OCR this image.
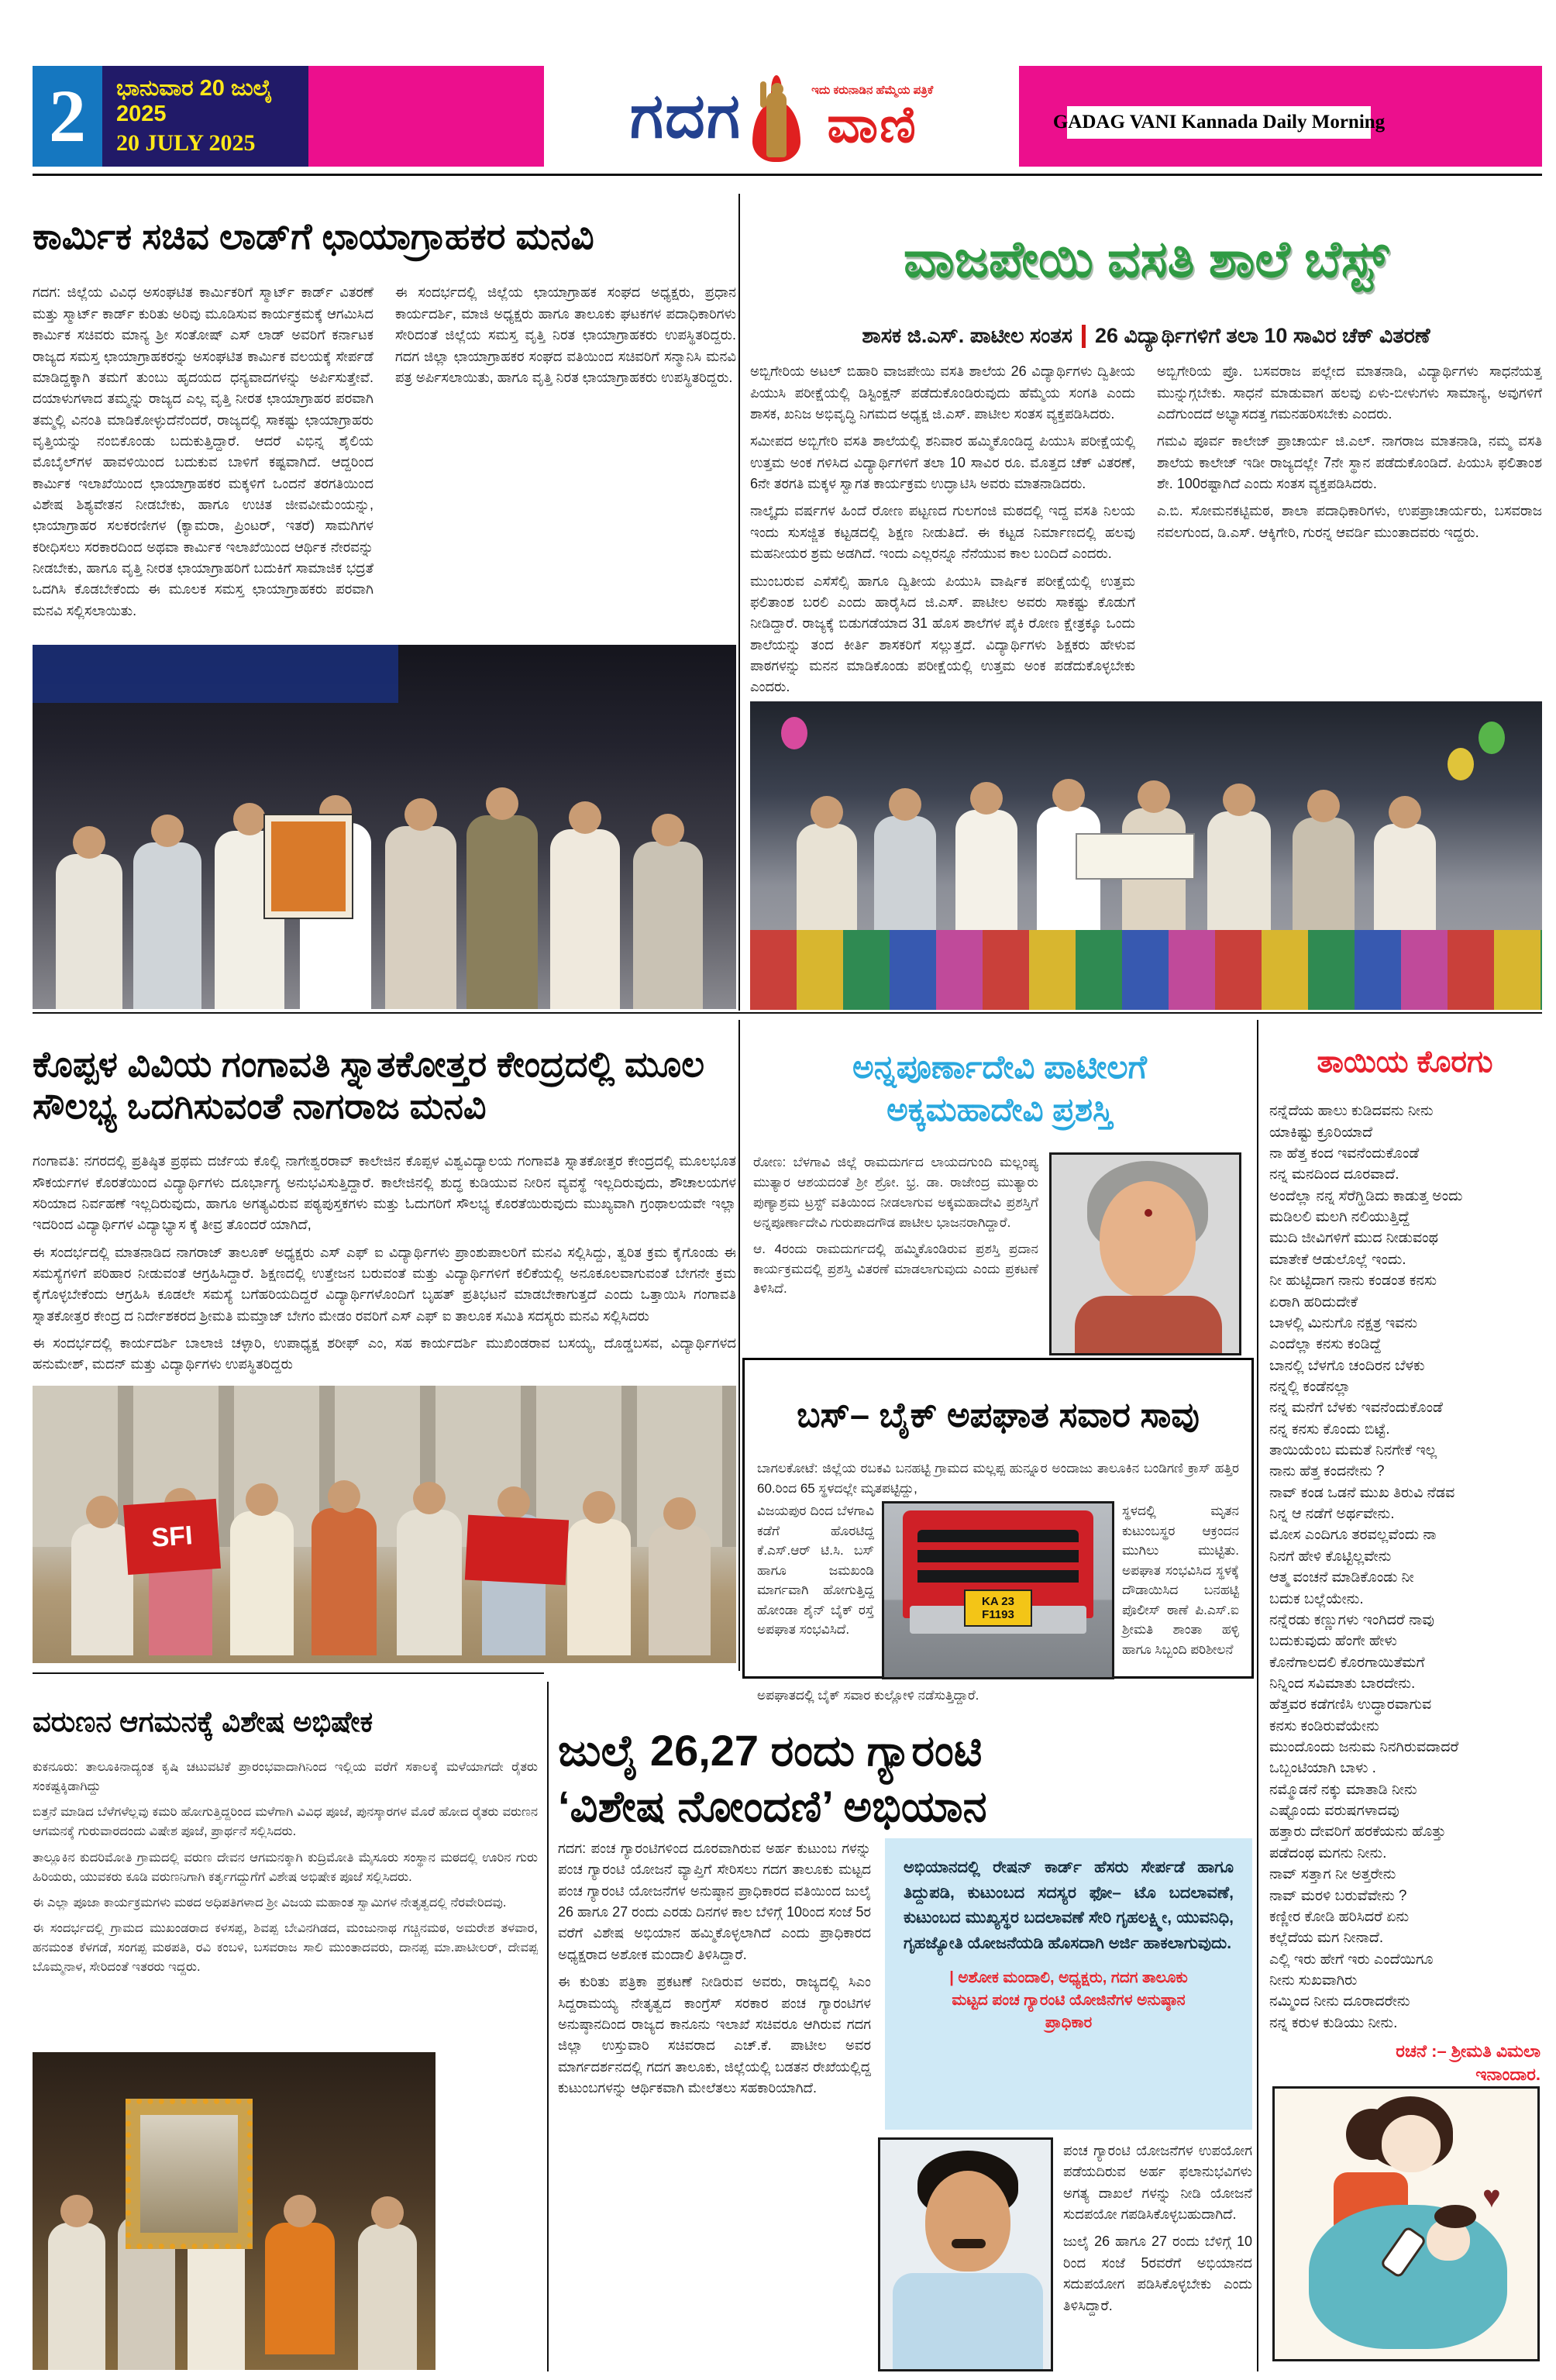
2	ಭಾನುವಾರ 20 ಜುಲೈ 2025
20 JULY 2025	ಗದಗ	ಇದು ಕರುನಾಡಿನ ಹೆಮ್ಮೆಯ ಪತ್ರಿಕೆ
ವಾಣಿ	GADAG VANI Kannada Daily Morning
ಕಾರ್ಮಿಕ ಸಚಿವ ಲಾಡ್‌ಗೆ ಛಾಯಾಗ್ರಾಹಕರ ಮನವಿ
ಗದಗ: ಜಿಲ್ಲೆಯ ವಿವಿಧ ಅಸಂಘಟಿತ ಕಾರ್ಮಿಕರಿಗೆ ಸ್ಮಾರ್ಟ್ ಕಾರ್ಡ್ ವಿತರಣೆ ಮತ್ತು ಸ್ಮಾರ್ಟ್ ಕಾರ್ಡ್ ಕುರಿತು ಅರಿವು ಮೂಡಿಸುವ ಕಾರ್ಯಕ್ರಮಕ್ಕೆ ಆಗಮಿಸಿದ ಕಾರ್ಮಿಕ ಸಚಿವರು ಮಾನ್ಯ ಶ್ರೀ ಸಂತೋಷ್ ಎಸ್ ಲಾಡ್ ಅವರಿಗೆ ಕರ್ನಾಟಕ ರಾಜ್ಯದ ಸಮಸ್ತ ಛಾಯಾಗ್ರಾಹಕರನ್ನು ಅಸಂಘಟಿತ ಕಾರ್ಮಿಕ ವಲಯಕ್ಕೆ ಸೇರ್ಪಡೆ ಮಾಡಿದ್ದಕ್ಕಾಗಿ ತಮಗೆ ತುಂಬು ಹೃದಯದ ಧನ್ಯವಾದಗಳನ್ನು ಅರ್ಪಿಸುತ್ತೇವೆ. ದಯಾಳುಗಳಾದ ತಮ್ಮನ್ನು ರಾಜ್ಯದ ಎಲ್ಲ ವೃತ್ತಿ ನೀರತ ಛಾಯಾಗ್ರಾಹರ ಪರವಾಗಿ ತಮ್ಮಲ್ಲಿ ವಿನಂತಿ ಮಾಡಿಕೋಳ್ಳುದೆನೆಂದರೆ, ರಾಜ್ಯದಲ್ಲಿ ಸಾಕಷ್ಟು ಛಾಯಾಗ್ರಾಹರು ವೃತ್ತಿಯನ್ನು ನಂಬಿಕೊಂಡು ಬದುಕುತ್ತಿದ್ದಾರೆ. ಆದರೆ ವಿಭಿನ್ನ ಶೈಲಿಯ ಮೊಬೈಲ್‌ಗಳ ಹಾವಳಿಯಿಂದ ಬದುಕುವ ಬಾಳಿಗೆ ಕಷ್ಟವಾಗಿದೆ. ಆದ್ದರಿಂದ ಕಾರ್ಮಿಕ ಇಲಾಖೆಯಿಂದ ಛಾಯಾಗ್ರಾಹಕರ ಮಕ್ಕಳಿಗೆ ಒಂದನೆ ತರಗತಿಯಿಂದ ವಿಶೇಷ ಶಿಶ್ಯವೇತನ ನೀಡಬೇಕು, ಹಾಗೂ ಉಚಿತ ಜೀವವೀಮೆಂಯನ್ನು, ಛಾಯಾಗ್ರಾಹರ ಸಲಕರಣೀಗಳ (ಕ್ಯಾಮರಾ, ಪ್ರಿಂಟರ್, ಇತರೆ) ಸಾಮಗಿಗಳ ಕರೀಧಿಸಲು ಸರಕಾರದಿಂದ ಅಥವಾ ಕಾರ್ಮಿಕ ಇಲಾಖೆಯಿಂದ ಆರ್ಥಿಕ ನೇರವನ್ನು ನೀಡಬೇಕು, ಹಾಗೂ ವೃತ್ತಿ ನೀರತ ಛಾಯಾಗ್ರಾಹರಿಗೆ ಬದುಕಿಗೆ ಸಾಮಾಜಿಕ ಭದ್ರತೆ ಒದಗಿಸಿ ಕೊಡಬೇಕೆಂದು ಈ ಮೂಲಕ ಸಮಸ್ತ ಛಾಯಾಗ್ರಾಹಕರು ಪರವಾಗಿ ಮನವಿ ಸಲ್ಲಿಸಲಾಯಿತು.
ಈ ಸಂದರ್ಭದಲ್ಲಿ ಜಿಲ್ಲೆಯ ಛಾಯಾಗ್ರಾಹಕ ಸಂಘದ ಅಧ್ಯಕ್ಷರು, ಪ್ರಧಾನ ಕಾರ್ಯದರ್ಶಿ, ಮಾಜಿ ಅಧ್ಯಕ್ಷರು ಹಾಗೂ ತಾಲೂಕು ಘಟಕಗಳ ಪದಾಧಿಕಾರಿಗಳು ಸೇರಿದಂತೆ ಜಿಲ್ಲೆಯ ಸಮಸ್ತ ವೃತ್ತಿ ನಿರತ ಛಾಯಾಗ್ರಾಹಕರು ಉಪಸ್ಥಿತರಿದ್ದರು. ಗದಗ ಜಿಲ್ಲಾ ಛಾಯಾಗ್ರಾಹಕರ ಸಂಘದ ವತಿಯಿಂದ ಸಚಿವರಿಗೆ ಸನ್ಮಾನಿಸಿ ಮನವಿ ಪತ್ರ ಅರ್ಪಿಸಲಾಯಿತು, ಹಾಗೂ ವೃತ್ತಿ ನಿರತ ಛಾಯಾಗ್ರಾಹಕರು ಉಪಸ್ಥಿತರಿದ್ದರು.
ವಾಜಪೇಯಿ ವಸತಿ ಶಾಲೆ ಬೆಸ್ಟ್
ಶಾಸಕ ಜಿ.ಎಸ್. ಪಾಟೀಲ ಸಂತಸ 26 ವಿದ್ಯಾರ್ಥಿಗಳಿಗೆ ತಲಾ 10 ಸಾವಿರ ಚೆಕ್ ವಿತರಣೆ
ಅಬ್ಬಿಗೇರಿಯ ಅಟಲ್ ಬಿಹಾರಿ ವಾಜಪೇಯಿ ವಸತಿ ಶಾಲೆಯ 26 ವಿದ್ಯಾರ್ಥಿಗಳು ದ್ವಿತೀಯ ಪಿಯುಸಿ ಪರೀಕ್ಷೆಯಲ್ಲಿ ಡಿಸ್ಟಿಂಕ್ಷನ್ ಪಡೆದುಕೊಂಡಿರುವುದು ಹೆಮ್ಮೆಯ ಸಂಗತಿ ಎಂದು ಶಾಸಕ, ಖನಿಜ ಅಭಿವೃದ್ಧಿ ನಿಗಮದ ಅಧ್ಯಕ್ಷ ಜಿ.ಎಸ್. ಪಾಟೀಲ ಸಂತಸ ವ್ಯಕ್ತಪಡಿಸಿದರು.
ಸಮೀಪದ ಅಬ್ಬಿಗೇರಿ ವಸತಿ ಶಾಲೆಯಲ್ಲಿ ಶನಿವಾರ ಹಮ್ಮಿಕೊಂಡಿದ್ದ ಪಿಯುಸಿ ಪರೀಕ್ಷೆಯಲ್ಲಿ ಉತ್ತಮ ಅಂಕ ಗಳಿಸಿದ ವಿದ್ಯಾರ್ಥಿಗಳಿಗೆ ತಲಾ 10 ಸಾವಿರ ರೂ. ಮೊತ್ತದ ಚೆಕ್ ವಿತರಣೆ, 6ನೇ ತರಗತಿ ಮಕ್ಕಳ ಸ್ವಾಗತ ಕಾರ್ಯಕ್ರಮ ಉದ್ಘಾಟಿಸಿ ಅವರು ಮಾತನಾಡಿದರು.
ನಾಲ್ಕೈದು ವರ್ಷಗಳ ಹಿಂದೆ ರೋಣ ಪಟ್ಟಣದ ಗುಲಗಂಜಿ ಮಠದಲ್ಲಿ ಇದ್ದ ವಸತಿ ನಿಲಯ ಇಂದು ಸುಸಜ್ಜಿತ ಕಟ್ಟಡದಲ್ಲಿ ಶಿಕ್ಷಣ ನೀಡುತಿದೆ. ಈ ಕಟ್ಟಡ ನಿರ್ಮಾಣದಲ್ಲಿ ಹಲವು ಮಹನೀಯರ ಶ್ರಮ ಅಡಗಿದೆ. ಇಂದು ಎಲ್ಲರನ್ನೂ ನೆನೆಯುವ ಕಾಲ ಬಂದಿದೆ ಎಂದರು.
ಮುಂಬರುವ ಎಸೆಸೆಲ್ಸಿ ಹಾಗೂ ದ್ವಿತೀಯ ಪಿಯುಸಿ ವಾರ್ಷಿಕ ಪರೀಕ್ಷೆಯಲ್ಲಿ ಉತ್ತಮ ಫಲಿತಾಂಶ ಬರಲಿ ಎಂದು ಹಾರೈಸಿದ ಜಿ.ಎಸ್. ಪಾಟೀಲ ಅವರು ಸಾಕಷ್ಟು ಕೊಡುಗೆ ನೀಡಿದ್ದಾರೆ. ರಾಜ್ಯಕ್ಕೆ ಬಿಡುಗಡೆಯಾದ 31 ಹೊಸ ಶಾಲೆಗಳ ಪೈಕಿ ರೋಣ ಕ್ಷೇತ್ರಕ್ಕೂ ಒಂದು ಶಾಲೆಯನ್ನು ತಂದ ಕೀರ್ತಿ ಶಾಸಕರಿಗೆ ಸಲ್ಲುತ್ತದೆ. ವಿದ್ಯಾರ್ಥಿಗಳು ಶಿಕ್ಷಕರು ಹೇಳುವ ಪಾಠಗಳನ್ನು ಮನನ ಮಾಡಿಕೊಂಡು ಪರೀಕ್ಷೆಯಲ್ಲಿ ಉತ್ತಮ ಅಂಕ ಪಡೆದುಕೊಳ್ಳಬೇಕು ಎಂದರು.
ಅಬ್ಬಿಗೇರಿಯ ಪ್ರೊ. ಬಸವರಾಜ ಪಲ್ಲೇದ ಮಾತನಾಡಿ, ವಿದ್ಯಾರ್ಥಿಗಳು ಸಾಧನೆಯತ್ತ ಮುನ್ನುಗ್ಗಬೇಕು. ಸಾಧನೆ ಮಾಡುವಾಗ ಹಲವು ಏಳು-ಬೀಳುಗಳು ಸಾಮಾನ್ಯ, ಅವುಗಳಿಗೆ ಎದೆಗುಂದದೆ ಅಭ್ಯಾಸದತ್ತ ಗಮನಹರಿಸಬೇಕು ಎಂದರು.
ಗಮವಿ ಪೂರ್ವ ಕಾಲೇಜ್ ಪ್ರಾಚಾರ್ಯ ಜಿ.ಎಲ್. ನಾಗರಾಜ ಮಾತನಾಡಿ, ನಮ್ಮ ವಸತಿ ಶಾಲೆಯ ಕಾಲೇಜ್ ಇಡೀ ರಾಜ್ಯದಲ್ಲೇ 7ನೇ ಸ್ಥಾನ ಪಡೆದುಕೊಂಡಿದೆ. ಪಿಯುಸಿ ಫಲಿತಾಂಶ ಶೇ. 100ರಷ್ಟಾಗಿದೆ ಎಂದು ಸಂತಸ ವ್ಯಕ್ತಪಡಿಸಿದರು.
ಎ.ಬಿ. ಸೋಮನಕಟ್ಟಿಮಠ, ಶಾಲಾ ಪದಾಧಿಕಾರಿಗಳು, ಉಪಪ್ರಾಚಾರ್ಯರು, ಬಸವರಾಜ ನವಲಗುಂದ, ಡಿ.ಎಸ್. ಆಕ್ಕಿಗೇರಿ, ಗುರನ್ನ ಆವರ್ಡಿ ಮುಂತಾದವರು ಇದ್ದರು.
ಕೊಪ್ಪಳ ವಿವಿಯ ಗಂಗಾವತಿ ಸ್ನಾತಕೋತ್ತರ ಕೇಂದ್ರದಲ್ಲಿ ಮೂಲ ಸೌಲಭ್ಯ ಒದಗಿಸುವಂತೆ ನಾಗರಾಜ ಮನವಿ
ಗಂಗಾವತಿ: ನಗರದಲ್ಲಿ ಪ್ರತಿಷ್ಠಿತ ಪ್ರಥಮ ದರ್ಜೆಯ ಕೊಲ್ಲಿ ನಾಗೇಶ್ವರರಾವ್ ಕಾಲೇಜಿನ ಕೊಪ್ಪಳ ವಿಶ್ವವಿದ್ಯಾಲಯ ಗಂಗಾವತಿ ಸ್ನಾತಕೋತ್ತರ ಕೇಂದ್ರದಲ್ಲಿ ಮೂಲಭೂತ ಸೌಕರ್ಯಗಳ ಕೊರತೆಯಿಂದ ವಿದ್ಯಾರ್ಥಿಗಳು ದೂರ್ಭಾಗ್ಯ ಅನುಭವಿಸುತ್ತಿದ್ದಾರೆ. ಕಾಲೇಜಿನಲ್ಲಿ ಶುದ್ಧ ಕುಡಿಯುವ ನೀರಿನ ವ್ಯವಸ್ಥೆ ಇಲ್ಲದಿರುವುದು, ಶೌಚಾಲಯಗಳ ಸರಿಯಾದ ನಿರ್ವಹಣೆ ಇಲ್ಲದಿರುವುದು, ಹಾಗೂ ಅಗತ್ಯವಿರುವ ಪಠ್ಯಪುಸ್ತಕಗಳು ಮತ್ತು ಓದುಗರಿಗೆ ಸೌಲಭ್ಯ ಕೊರತೆಯಿರುವುದು ಮುಖ್ಯವಾಗಿ ಗ್ರಂಥಾಲಯವೇ ಇಲ್ಲಾ ಇದರಿಂದ ವಿದ್ಯಾರ್ಥಿಗಳ ವಿದ್ಯಾಭ್ಯಾಸ ಕ್ಕೆ ತೀವ್ರ ತೊಂದರೆ ಯಾಗಿದೆ,
ಈ ಸಂದರ್ಭದಲ್ಲಿ ಮಾತನಾಡಿದ ನಾಗರಾಜ್ ತಾಲೂಕ್ ಅಧ್ಯಕ್ಷರು ಎಸ್ ಎಫ್ ಐ ವಿದ್ಯಾರ್ಥಿಗಳು ಪ್ರಾಂಶುಪಾಲರಿಗೆ ಮನವಿ ಸಲ್ಲಿಸಿದ್ದು, ತ್ವರಿತ ಕ್ರಮ ಕೈಗೊಂಡು ಈ ಸಮಸ್ಯೆಗಳಿಗೆ ಪರಿಹಾರ ನೀಡುವಂತೆ ಆಗ್ರಹಿಸಿದ್ದಾರೆ. ಶಿಕ್ಷಣದಲ್ಲಿ ಉತ್ತೇಜನ ಬರುವಂತೆ ಮತ್ತು ವಿದ್ಯಾರ್ಥಿಗಳಿಗೆ ಕಲಿಕೆಯಲ್ಲಿ ಅನೂಕೂಲವಾಗುವಂತೆ ಬೇಗನೇ ಕ್ರಮ ಕೈಗೊಳ್ಳಬೇಕೆಂದು ಆಗ್ರಹಿಸಿ ಕೂಡಲೇ ಸಮಸ್ಯೆ ಬಗೆಹರಿಯದಿದ್ದರೆ ವಿದ್ಯಾರ್ಥಿಗಳೊಂದಿಗೆ ಬೃಹತ್ ಪ್ರತಿಭಟನೆ ಮಾಡಬೇಕಾಗುತ್ತದೆ ಎಂದು ಒತ್ತಾಯಿಸಿ ಗಂಗಾವತಿ ಸ್ನಾತಕೋತ್ತರ ಕೇಂದ್ರ ದ ನಿರ್ದೇಶಕರದ ಶ್ರೀಮತಿ ಮಮ್ತಾಜ್ ಬೇಗಂ ಮೇಡಂ ರವರಿಗೆ ಎಸ್ ಎಫ್ ಐ ತಾಲೂಕ ಸಮಿತಿ ಸದಸ್ಯರು ಮನವಿ ಸಲ್ಲಿಸಿದರು
ಈ ಸಂದರ್ಭದಲ್ಲಿ ಕಾರ್ಯದರ್ಶಿ ಬಾಲಾಜಿ ಚಳ್ಳಾರಿ, ಉಪಾಧ್ಯಕ್ಷ ಶರೀಫ್ ಎಂ, ಸಹ ಕಾರ್ಯದರ್ಶಿ ಮುಖಿಂಡರಾವ ಬಸಯ್ಯ, ದೊಡ್ಡಬಸವ, ವಿದ್ಯಾರ್ಥಿಗಳದ ಹನುಮೇಶ್, ಮದನ್ ಮತ್ತು ವಿದ್ಯಾರ್ಥಿಗಳು ಉಪಸ್ಥಿತರಿದ್ದರು
SFI
ಅನ್ನಪೂರ್ಣಾದೇವಿ ಪಾಟೀಲಗೆ
ಅಕ್ಕಮಹಾದೇವಿ ಪ್ರಶಸ್ತಿ
ರೋಣ: ಬೆಳಗಾವಿ ಜಿಲ್ಲೆ ರಾಮದುರ್ಗದ ಲಾಯದಗುಂದಿ ಮಲ್ಲಂಪ್ಯ ಮುತ್ಯಾರ ಆಶಯದಂತೆ ಶ್ರೀ ಶ್ರೋ. ಭ್ರ. ಡಾ. ರಾಜೇಂದ್ರ ಮುತ್ಯಾರು ಪುಣ್ಯಾಶ್ರಮ ಟ್ರಸ್ಟ್ ವತಿಯಿಂದ ನೀಡಲಾಗುವ ಅಕ್ಕಮಹಾದೇವಿ ಪ್ರಶಸ್ತಿಗೆ ಅನ್ನಪೂರ್ಣಾದೇವಿ ಗುರುಪಾದಗೌಡ ಪಾಟೀಲ ಭಾಜನರಾಗಿದ್ದಾರೆ.
ಆ. 4ರಂದು ರಾಮದುರ್ಗದಲ್ಲಿ ಹಮ್ಮಿಕೊಂಡಿರುವ ಪ್ರಶಸ್ತಿ ಪ್ರದಾನ ಕಾರ್ಯಕ್ರಮದಲ್ಲಿ ಪ್ರಶಸ್ತಿ ವಿತರಣೆ ಮಾಡಲಾಗುವುದು ಎಂದು ಪ್ರಕಟಣೆ ತಿಳಿಸಿದೆ.
ಬಸ್‌– ಬೈಕ್ ಅಪಘಾತ ಸವಾರ ಸಾವು
ಬಾಗಲಕೋಟೆ: ಜಿಲ್ಲೆಯ ರಬಕವಿ ಬನಹಟ್ಟಿ ಗ್ರಾಮದ ಮಲ್ಲಪ್ಪ ಹುನ್ನೂರ ಅಂದಾಜು ತಾಲೂಕಿನ ಬಂಡಿಗಣಿ ಕ್ರಾಸ್ ಹತ್ತಿರ 60.ರಿಂದ 65 ಸ್ಥಳದಲ್ಲೇ ಮೃತಪಟ್ಟಿದ್ದು,
ವಿಜಯಪುರ ದಿಂದ ಬೆಳಗಾವಿ ಕಡೆಗೆ ಹೊರಟಿದ್ದ ಕೆ.ಎಸ್.ಆರ್ ಟಿ.ಸಿ. ಬಸ್ ಹಾಗೂ ಜಮಖಂಡಿ ಮಾರ್ಗವಾಗಿ ಹೋಗುತ್ತಿದ್ದ ಹೋಂಡಾ ಶೈನ್ ಬೈಕ್ ರಸ್ತೆ ಅಪಘಾತ ಸಂಭವಿಸಿದೆ.
KA 23
F1193
ಸ್ಥಳದಲ್ಲಿ ಮೃತನ ಕುಟುಂಬಸ್ಥರ ಆಕ್ರಂದನ ಮುಗಿಲು ಮುಟ್ಟಿತು. ಅಪಘಾತ ಸಂಭವಿಸಿದ ಸ್ಥಳಕ್ಕೆ ದೌಡಾಯಿಸಿದ ಬನಹಟ್ಟಿ ಪೊಲೀಸ್ ಠಾಣೆ ಪಿ.ಎಸ್.ಐ ಶ್ರೀಮತಿ ಶಾಂತಾ ಹಳ್ಳಿ ಹಾಗೂ ಸಿಬ್ಬಂದಿ ಪರಿಶೀಲನೆ
ಅಪಘಾತದಲ್ಲಿ ಬೈಕ್ ಸವಾರ ಕುಲ್ಲೋಳಿ ನಡೆಸುತ್ತಿದ್ದಾರೆ.
ತಾಯಿಯ ಕೊರಗು
ನನ್ನೆದೆಯ ಹಾಲು ಕುಡಿದವನು ನೀನು
ಯಾಕಿಷ್ಟು ಕ್ರೂರಿಯಾದೆ
ನಾ ಹೆತ್ತ ಕಂದ ಇವನೆಂದುಕೊಂಡೆ
ನನ್ನ ಮನದಿಂದ ದೂರವಾದೆ.
ಅಂದೆಲ್ಲಾ ನನ್ನ ಸೆರೆಗ್ಹಿಡಿದು ಕಾಡುತ್ತ ಅಂದು
ಮಡಿಲಲಿ ಮಲಗಿ ನಲಿಯುತ್ತಿದ್ದೆ
ಮುದಿ ಜೀವಿಗಳಿಗೆ ಮುದ ನೀಡುವಂಥ
ಮಾತೇಕೆ ಆಡುಲೊಲ್ಲೆ ಇಂದು.
ನೀ ಹುಟ್ಟಿದಾಗ ನಾನು ಕಂಡಂತ ಕನಸು
ಏರಾಗಿ ಹರಿದುದೇಕೆ
ಬಾಳಲ್ಲಿ ಮಿನುಗೊ ನಕ್ಷತ್ರ ಇವನು
ಎಂದೆಲ್ಲಾ ಕನಸು ಕಂಡಿದ್ದೆ
ಬಾನಲ್ಲಿ ಬೆಳಗೊ ಚಂದಿರನ ಬೆಳಕು
ನನ್ನಲ್ಲಿ ಕಂಡೆನಲ್ಲಾ
ನನ್ನ ಮನೆಗೆ ಬೆಳಕು ಇವನೆಂದುಕೊಂಡೆ
ನನ್ನ ಕನಸು ಕೊಂದು ಬಿಟ್ಟೆ.
ತಾಯಿಯೆಂಬ ಮಮತೆ ನಿನಗೇಕೆ ಇಲ್ಲ
ನಾನು ಹೆತ್ತ ಕಂದನೇನು ?
ನಾವ್ ಕಂಡ ಒಡನೆ ಮುಖ ತಿರುವಿ ನೆಡವ
ನಿನ್ನ ಆ ನಡೆಗೆ ಅರ್ಥವೇನು.
ಮೋಸ ಎಂದಿಗೂ ತರವಲ್ಲವೆಂದು ನಾ
ನಿನಗೆ ಹೇಳಿ ಕೊಟ್ಟಿಲ್ಲವೇನು
ಆತ್ಮ ವಂಚನೆ ಮಾಡಿಕೊಂಡು ನೀ
ಬದುಕ ಬಲ್ಲೆಯೇನು.
ನನ್ನೆರಡು ಕಣ್ಣುಗಳು ಇಂಗಿದರೆ ನಾವು
ಬದುಕುವುದು ಹೆಂಗೇ ಹೇಳು
ಕೊನೆಗಾಲದಲಿ ಕೊರಗಾಯಿತೆಮಗೆ
ನಿನ್ನಿಂದ ಸವಿಮಾತು ಬಾರದೇನು.
ಹೆತ್ತವರ ಕಡೆಗಣಿಸಿ ಉದ್ಧಾರವಾಗುವ
ಕನಸು ಕಂಡಿರುವೆಯೇನು
ಮುಂದೊಂದು ಜನುಮ ನಿನಗಿರುವದಾದರೆ
ಒಬ್ಬಂಟಿಯಾಗಿ ಬಾಳು .
ನಮ್ಮೊಡನೆ ನಕ್ಕು ಮಾತಾಡಿ ನೀನು
ಎಷ್ಟೊಂದು ವರುಷಗಳಾದವು
ಹತ್ತಾರು ದೇವರಿಗೆ ಹರಕೆಯನು ಹೊತ್ತು
ಪಡೆದಂಥ ಮಗನು ನೀನು.
ನಾವ್ ಸತ್ತಾಗ ನೀ ಅತ್ತರೇನು
ನಾವ್ ಮರಳಿ ಬರುವೆವೇನು ?
ಕಣ್ಣೀರ ಕೋಡಿ ಹರಿಸಿದರೆ ಏನು
ಕಲ್ಲೆದೆಯ ಮಗ ನೀನಾದೆ.
ಎಲ್ಲಿ ಇರು ಹೇಗೆ ಇರು ಎಂದೆಯಿಗೂ
ನೀನು ಸುಖವಾಗಿರು
ನಮ್ಮಿಂದ ನೀನು ದೂರಾದರೇನು
ನನ್ನ ಕರುಳ ಕುಡಿಯು ನೀನು.
ರಚನೆ :– ಶ್ರೀಮತಿ ವಿಮಲಾ
ಇನಾಂದಾರ.
♥
ವರುಣನ ಆಗಮನಕ್ಕೆ ವಿಶೇಷ ಅಭಿಷೇಕ
ಕುಕನೂರು: ತಾಲೂಕಿನಾದ್ಯಂತ ಕೃಷಿ ಚಟುವಟಿಕೆ ಪ್ರಾರಂಭವಾದಾಗಿನಿಂದ ಇಲ್ಲಿಯ ವರೆಗೆ ಸಕಾಲಕ್ಕೆ ಮಳೆಯಾಗದೇ ರೈತರು ಸಂಕಷ್ಟಕ್ಕಿಡಾಗಿದ್ದು
ಬಿತ್ತನೆ ಮಾಡಿದ ಬೆಳೆಗಳೆಲ್ಲವು ಕಮರಿ ಹೋಗುತ್ತಿದ್ದರಿಂದ ಮಳೆಗಾಗಿ ವಿವಿಧ ಪೂಜೆ, ಪುನಸ್ಕಾರಗಳ ಮೊರೆ ಹೋದ ರೈತರು ವರುಣನ ಆಗಮನಕ್ಕೆ ಗುರುವಾರದಂದು ವಿಷೇಶ ಪೂಜೆ, ಪ್ರಾರ್ಥನೆ ಸಲ್ಲಿಸಿದರು.
ತಾಲ್ಲೂಕಿನ ಕುದರಿಮೋತಿ ಗ್ರಾಮದಲ್ಲಿ ವರುಣ ದೇವನ ಆಗಮನಕ್ಕಾಗಿ ಕುದ್ರಿಮೋತಿ ಮೈಸೂರು ಸಂಸ್ಥಾನ ಮಠದಲ್ಲಿ ಊರಿನ ಗುರು ಹಿರಿಯರು, ಯುವಕರು ಕೂಡಿ ವರುಣನಿಗಾಗಿ ಕರ್ತೃಗದ್ದುಗೆಗೆ ವಿಶೇಷ ಅಭಿಷೇಕ ಪೂಜೆ ಸಲ್ಲಿಸಿದರು.
ಈ ಎಲ್ಲಾ ಪೂಜಾ ಕಾರ್ಯಕ್ರಮಗಳು ಮಠದ ಅಧಿಪತಿಗಳಾದ ಶ್ರೀ ವಿಜಯ ಮಹಾಂತ ಸ್ವಾಮಿಗಳ ನೇತೃತ್ವದಲ್ಲಿ ನೆರವೇರಿದವು.
ಈ ಸಂದರ್ಭದಲ್ಲಿ ಗ್ರಾಮದ ಮುಖಂಡರಾದ ಕಳಸಪ್ಪ, ಶಿವಪ್ಪ ಬೇವಿನಗಿಡದ, ಮಂಜುನಾಥ ಗಚ್ಚಿನಮಠ, ಅಮರೇಶ ತಳವಾರ, ಹನಮಂತ ಕೆಳಗಡೆ, ಸಂಗಪ್ಪ ಮಠಪತಿ, ರವಿ ಕಂಬಳಿ, ಬಸವರಾಜ ಸಾಲಿ ಮುಂತಾದವರು, ದಾನಪ್ಪ ಮಾ.ಪಾಟೀಲರ್, ದೇವಪ್ಪ ಬೊಮ್ಮನಾಳ, ಸೇರಿದಂತೆ ಇತರರು ಇದ್ದರು.
ಜುಲೈ 26,27 ರಂದು ಗ್ಯಾರಂಟಿ
‘ವಿಶೇಷ ನೋಂದಣಿ’ ಅಭಿಯಾನ
ಗದಗ: ಪಂಚ ಗ್ಯಾರಂಟಿಗಳಿಂದ ದೂರವಾಗಿರುವ ಅರ್ಹ ಕುಟುಂಬ ಗಳನ್ನು ಪಂಚ ಗ್ಯಾರಂಟಿ ಯೋಜನೆ ವ್ಯಾಪ್ತಿಗೆ ಸೇರಿಸಲು ಗದಗ ತಾಲೂಕು ಮಟ್ಟದ ಪಂಚ ಗ್ಯಾರಂಟಿ ಯೋಜನೆಗಳ ಅನುಷ್ಠಾನ ಪ್ರಾಧಿಕಾರದ ವತಿಯಿಂದ ಜುಲೈ 26 ಹಾಗೂ 27 ರಂದು ಎರಡು ದಿನಗಳ ಕಾಲ ಬೆಳಿಗ್ಗೆ 10ರಿಂದ ಸಂಜೆ 5ರ ವರೆಗೆ ವಿಶೇಷ ಅಭಿಯಾನ ಹಮ್ಮಿಕೊಳ್ಳಲಾಗಿದೆ ಎಂದು ಪ್ರಾಧಿಕಾರದ ಅಧ್ಯಕ್ಷರಾದ ಅಶೋಕ ಮಂದಾಲಿ ತಿಳಿಸಿದ್ದಾರೆ.
ಈ ಕುರಿತು ಪತ್ರಿಕಾ ಪ್ರಕಟಣೆ ನೀಡಿರುವ ಅವರು, ರಾಜ್ಯದಲ್ಲಿ ಸಿಎಂ ಸಿದ್ದರಾಮಯ್ಯ ನೇತೃತ್ವದ ಕಾಂಗ್ರೆಸ್ ಸರಕಾರ ಪಂಚ ಗ್ಯಾರಂಟಿಗಳ ಅನುಷ್ಠಾನದಿಂದ ರಾಜ್ಯದ ಕಾನೂನು ಇಲಾಖೆ ಸಚಿವರೂ ಆಗಿರುವ ಗದಗ ಜಿಲ್ಲಾ ಉಸ್ತುವಾರಿ ಸಚಿವರಾದ ಎಚ್.ಕೆ. ಪಾಟೀಲ ಅವರ ಮಾರ್ಗದರ್ಶನದಲ್ಲಿ ಗದಗ ತಾಲೂಕು, ಜಿಲ್ಲೆಯಲ್ಲಿ ಬಡತನ ರೇಖೆಯಲ್ಲಿದ್ದ ಕುಟುಂಬಗಳನ್ನು ಆರ್ಥಿಕವಾಗಿ ಮೇಲೆತಲು ಸಹಕಾರಿಯಾಗಿದೆ.
ಅಭಿಯಾನದಲ್ಲಿ ರೇಷನ್ ಕಾರ್ಡ್ ಹೆಸರು ಸೇರ್ಪಡೆ ಹಾಗೂ ತಿದ್ದುಪಡಿ, ಕುಟುಂಬದ ಸದಸ್ಯರ ಫೋ– ಟೊ ಬದಲಾವಣೆ, ಕುಟುಂಬದ ಮುಖ್ಯಸ್ಥರ ಬದಲಾವಣೆ ಸೇರಿ ಗೃಹಲಕ್ಷ್ಮೀ, ಯುವನಿಧಿ, ಗೃಹಜ್ಯೋತಿ ಯೋಜನೆಯಡಿ ಹೊಸದಾಗಿ ಅರ್ಜಿ ಹಾಕಲಾಗುವುದು.
| ಅಶೋಕ ಮಂದಾಲಿ, ಅಧ್ಯಕ್ಷರು, ಗದಗ ತಾಲೂಕು
ಮಟ್ಟದ ಪಂಚ ಗ್ಯಾರಂಟಿ ಯೋಜಿನೆಗಳ ಅನುಷ್ಠಾನ
ಪ್ರಾಧಿಕಾರ
ಪಂಚ ಗ್ಯಾರಂಟಿ ಯೋಜನೆಗಳ ಉಪಯೋಗ ಪಡೆಯದಿರುವ ಅರ್ಹ ಫಲಾನುಭವಿಗಳು ಅಗತ್ಯ ದಾಖಲೆ ಗಳನ್ನು ನೀಡಿ ಯೋಜನೆ ಸುದಪಯೋ ಗಪಡಿಸಿಕೊಳ್ಳಬಹುದಾಗಿದೆ.
ಜುಲೈ 26 ಹಾಗೂ 27 ರಂದು ಬೆಳಿಗ್ಗೆ 10 ರಿಂದ ಸಂಜೆ 5ರವರೆಗೆ ಅಭಿಯಾನದ ಸದುಪಯೋಗ ಪಡಿಸಿಕೊಳ್ಳಬೇಕು ಎಂದು ತಿಳಿಸಿದ್ದಾರೆ.
